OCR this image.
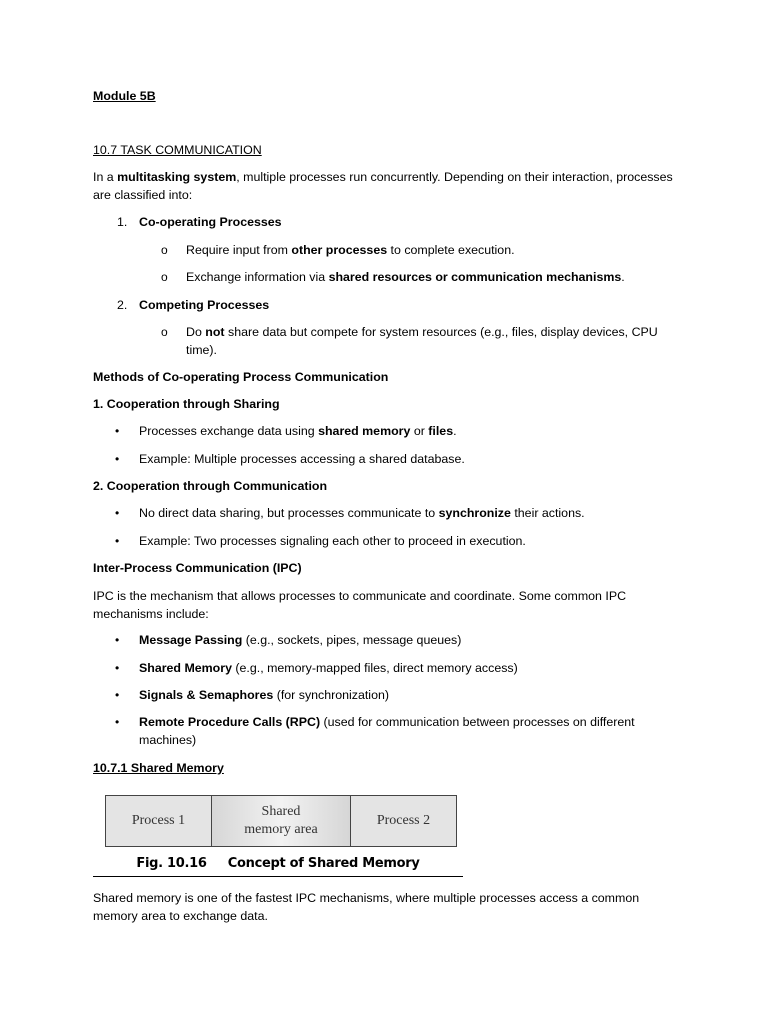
Module 5B

10.7 TASK COMMUNICATION

In a multitasking system, multiple processes run concurrently. Depending on their interaction, processes are classified into:

1. Co-operating Processes
o Require input from other processes to complete execution.
o Exchange information via shared resources or communication mechanisms.
2. Competing Processes
o Do not share data but compete for system resources (e.g., files, display devices, CPU time).

Methods of Co-operating Process Communication

1. Cooperation through Sharing

• Processes exchange data using shared memory or files.
• Example: Multiple processes accessing a shared database.

2. Cooperation through Communication

• No direct data sharing, but processes communicate to synchronize their actions.
• Example: Two processes signaling each other to proceed in execution.

Inter-Process Communication (IPC)

IPC is the mechanism that allows processes to communicate and coordinate. Some common IPC mechanisms include:

• Message Passing (e.g., sockets, pipes, message queues)
• Shared Memory (e.g., memory-mapped files, direct memory access)
• Signals & Semaphores (for synchronization)
• Remote Procedure Calls (RPC) (used for communication between processes on different machines)

10.7.1 Shared Memory

Process 1
Shared
memory area
Process 2
Fig. 10.16     Concept of Shared Memory

Shared memory is one of the fastest IPC mechanisms, where multiple processes access a common memory area to exchange data.
